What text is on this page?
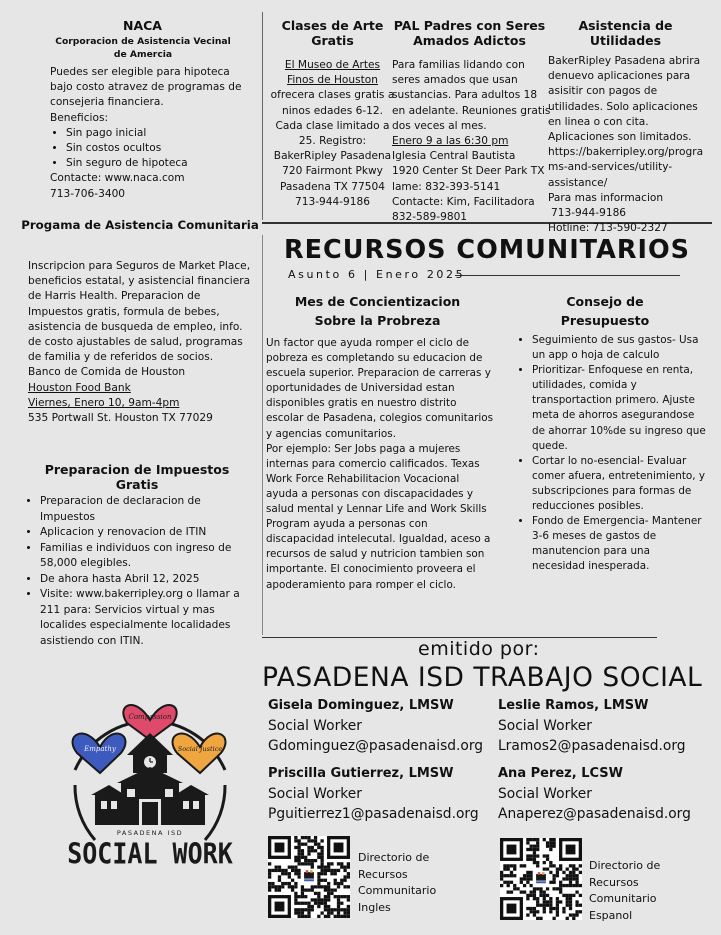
NACA
Corporacion de Asistencia Vecinal de Amercia
Puedes ser elegible para hipoteca bajo costo atravez de programas de consejeria financiera.
Beneficios:
• Sin pago inicial
• Sin costos ocultos
• Sin seguro de hipoteca
Contacte: www.naca.com
713-706-3400
Progama de Asistencia Comunitaria
Inscripcion para Seguros de Market Place, beneficios estatal, y asistencial financiera de Harris Health. Preparacion de Impuestos gratis, formula de bebes, asistencia de busqueda de empleo, info. de costo ajustables de salud, programas de familia y de referidos de socios.
Banco de Comida de Houston
Houston Food Bank
Viernes, Enero 10, 9am-4pm
535 Portwall St. Houston TX 77029
Preparacion de Impuestos Gratis
• Preparacion de declaracion de Impuestos
• Aplicacion y renovacion de ITIN
• Familias e individuos con ingreso de 58,000 elegibles.
• De ahora hasta Abril 12, 2025
• Visite: www.bakerripley.org o llamar a 211 para: Servicios virtual y mas localides especialmente localidades asistiendo con ITIN.
Compassion
Empathy	Social Justice
PASADENA ISD
SOCIAL WORK
Clases de Arte Gratis
El Museo de Artes Finos de Houston
ofrecera clases gratis a ninos edades 6-12. Cada clase limitado a 25. Registro:
BakerRipley Pasadena
720 Fairmont Pkwy
Pasadena TX 77504
713-944-9186
PAL Padres con Seres Amados Adictos
Para familias lidando con seres amados que usan sustancias. Para adultos 18 en adelante. Reuniones gratis dos veces al mes.
Enero 9 a las 6:30 pm
Iglesia Central Bautista
1920 Center St Deer Park TX
lame: 832-393-5141
Contacte: Kim, Facilitadora
832-589-9801
Asistencia de Utilidades
BakerRipley Pasadena abrira denuevo aplicaciones para asisitir con pagos de utilidades. Solo aplicaciones en linea o con cita. Aplicaciones son limitados. https://bakerripley.org/programs-and-services/utility-assistance/
Para mas informacion
713-944-9186
Hotline: 713-590-2327
RECURSOS COMUNITARIOS
Asunto 6 | Enero 2025
Mes de Concientizacion Sobre la Probreza
Un factor que ayuda romper el ciclo de pobreza es completando su educacion de escuela superior. Preparacion de carreras y oportunidades de Universidad estan disponibles gratis en nuestro distrito escolar de Pasadena, colegios comunitarios y agencias comunitarios.
Por ejemplo: Ser Jobs paga a mujeres internas para comercio calificados. Texas Work Force Rehabilitacion Vocacional ayuda a personas con discapacidades y salud mental y Lennar Life and Work Skills Program ayuda a personas con discapacidad intelecutal. Igualdad, aceso a recursos de salud y nutricion tambien son importante. El conocimiento proveera el apoderamiento para romper el ciclo.
Consejo de Presupuesto
• Seguimiento de sus gastos- Usa un app o hoja de calculo
• Prioritizar- Enfoquese en renta, utilidades, comida y transportaction primero. Ajuste meta de ahorros asegurandose de ahorrar 10%de su ingreso que quede.
• Cortar lo no-esencial- Evaluar comer afuera, entretenimiento, y subscripciones para formas de reducciones posibles.
• Fondo de Emergencia- Mantener 3-6 meses de gastos de manutencion para una necesidad inesperada.
emitido por:
PASADENA ISD TRABAJO SOCIAL
Gisela Dominguez, LMSW
Social Worker
Gdominguez@pasadenaisd.org
Leslie Ramos, LMSW
Social Worker
Lramos2@pasadenaisd.org
Priscilla Gutierrez, LMSW
Social Worker
Pguitierrez1@pasadenaisd.org
Ana Perez, LCSW
Social Worker
Anaperez@pasadenaisd.org
Directorio de Recursos Communitario Ingles
Directorio de Recursos Comunitario Espanol
